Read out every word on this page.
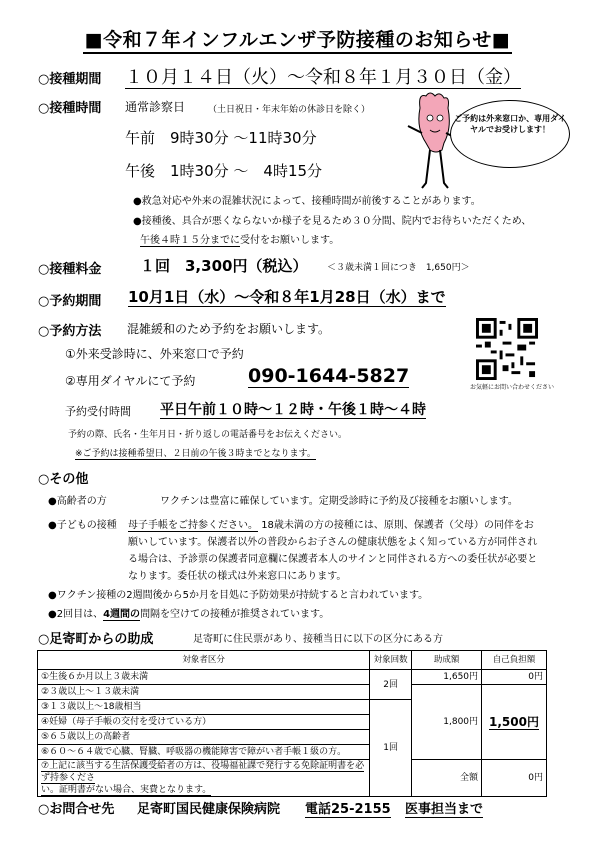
■令和７年インフルエンザ予防接種のお知らせ■
○接種期間 １０月１４日（火）～令和８年１月３０日（金）
○接種時間 通常診察日	（土日祝日・年末年始の休診日を除く）
午前　9時30分 ～11時30分
午後　1時30分 ～　4時15分
ご予約は外来窓口か、専用ダイヤルでお受けします！
●救急対応や外来の混雑状況によって、接種時間が前後することがあります。
●接種後、具合が悪くならないか様子を見るため３０分間、院内でお待ちいただくため、
午後４時１５分までに受付をお願いします。
○接種料金	１回　3,300円（税込） ＜３歳未満１回につき　1,650円＞
○予約期間 10月1日（水）～令和８年1月28日（水）まで
○予約方法 混雑緩和のため予約をお願いします。
①外来受診時に、外来窓口で予約
②専用ダイヤルにて予約	090-1644-5827
予約受付時間 平日午前１０時～１２時・午後１時～４時
予約の際、氏名・生年月日・折り返しの電話番号をお伝えください。
※ご予約は接種希望日、２日前の午後３時までとなります。
お気軽にお問い合わせください
○その他
●高齢者の方	ワクチンは豊富に確保しています。定期受診時に予約及び接種をお願いします。
●子どもの接種 母子手帳をご持参ください。 18歳未満の方の接種には、原則、保護者（父母）の同伴をお
願いしています。保護者以外の普段からお子さんの健康状態をよく知っている方が同伴され
る場合は、予診票の保護者同意欄に保護者本人のサインと同伴される方への委任状が必要と
なります。委任状の様式は外来窓口にあります。
●ワクチン接種の2週間後から5か月を目処に予防効果が持続すると言われています。
●2回目は、4週間の間隔を空けての接種が推奨されています。
○足寄町からの助成	足寄町に住民票があり、接種当日に以下の区分にある方
対象者区分	対象回数	助成額	自己負担額
①生後６か月以上３歳未満	2回	1,650円	0円
②３歳以上～１３歳未満		1,800円	1,500円
③１３歳以上～18歳相当	1回		
④妊婦（母子手帳の交付を受けている方）			
⑤６５歳以上の高齢者			
⑥６０～６４歳で心臓、腎臓、呼吸器の機能障害で障がい者手帳１級の方。			
⑦上記に該当する生活保護受給者の方は、役場福祉課で発行する免除証明書を必ず持参くださ
い。証明書がない場合、実費となります。		全額	0円
○お問合せ先 足寄町国民健康保険病院 電話25-2155 医事担当まで
